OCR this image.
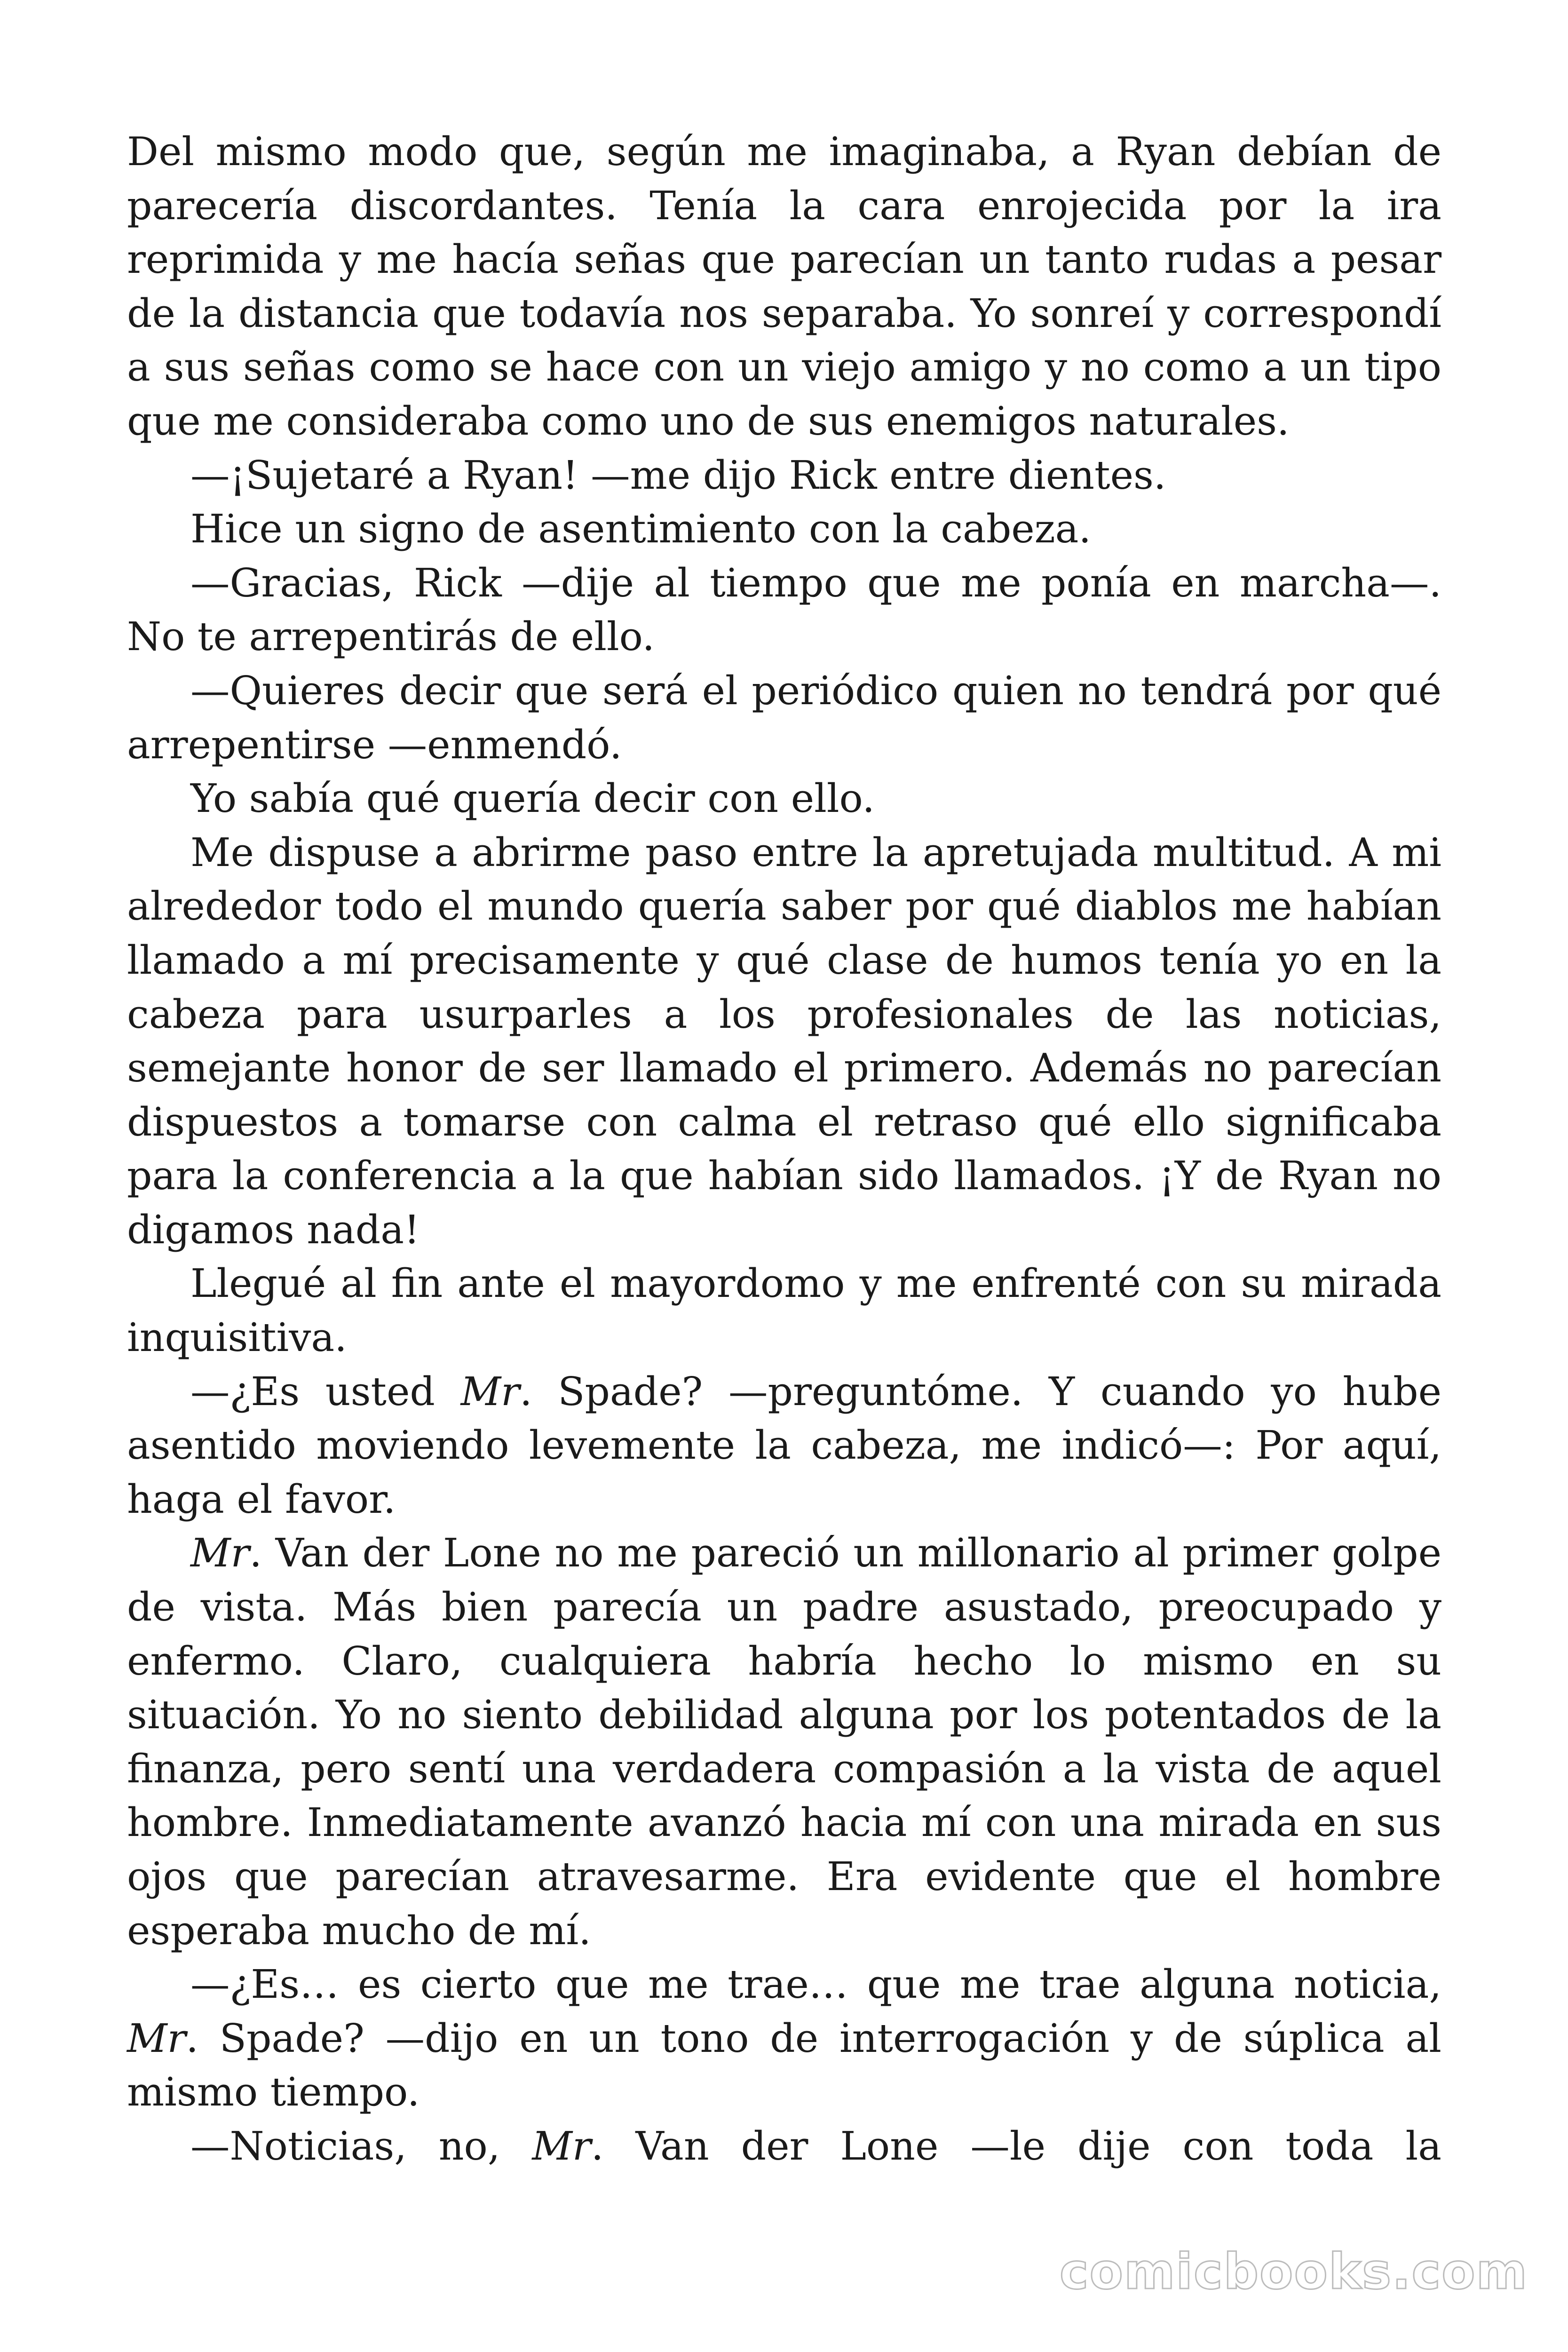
Del mismo modo que, según me imaginaba, a Ryan debían de parecería discordantes. Tenía la cara enrojecida por la ira reprimida y me hacía señas que parecían un tanto rudas a pesar de la distancia que todavía nos separaba. Yo sonreí y correspondí a sus señas como se hace con un viejo amigo y no como a un tipo que me consideraba como uno de sus enemigos naturales.

—¡Sujetaré a Ryan! —me dijo Rick entre dientes.

Hice un signo de asentimiento con la cabeza.

—Gracias, Rick —dije al tiempo que me ponía en marcha—. No te arrepentirás de ello.

—Quieres decir que será el periódico quien no tendrá por qué arrepentirse —enmendó.

Yo sabía qué quería decir con ello.

Me dispuse a abrirme paso entre la apretujada multitud. A mi alrededor todo el mundo quería saber por qué diablos me habían llamado a mí precisamente y qué clase de humos tenía yo en la cabeza para usurparles a los profesionales de las noticias, semejante honor de ser llamado el primero. Además no parecían dispuestos a tomarse con calma el retraso qué ello significaba para la conferencia a la que habían sido llamados. ¡Y de Ryan no digamos nada!

Llegué al fin ante el mayordomo y me enfrenté con su mirada inquisitiva.

—¿Es usted Mr. Spade? —preguntóme. Y cuando yo hube asentido moviendo levemente la cabeza, me indicó—: Por aquí, haga el favor.

Mr. Van der Lone no me pareció un millonario al primer golpe de vista. Más bien parecía un padre asustado, preocupado y enfermo. Claro, cualquiera habría hecho lo mismo en su situación. Yo no siento debilidad alguna por los potentados de la finanza, pero sentí una verdadera compasión a la vista de aquel hombre. Inmediatamente avanzó hacia mí con una mirada en sus ojos que parecían atravesarme. Era evidente que el hombre esperaba mucho de mí.

—¿Es… es cierto que me trae… que me trae alguna noticia, Mr. Spade? —dijo en un tono de interrogación y de súplica al mismo tiempo.

—Noticias, no, Mr. Van der Lone —le dije con toda la

comicbooks.com
